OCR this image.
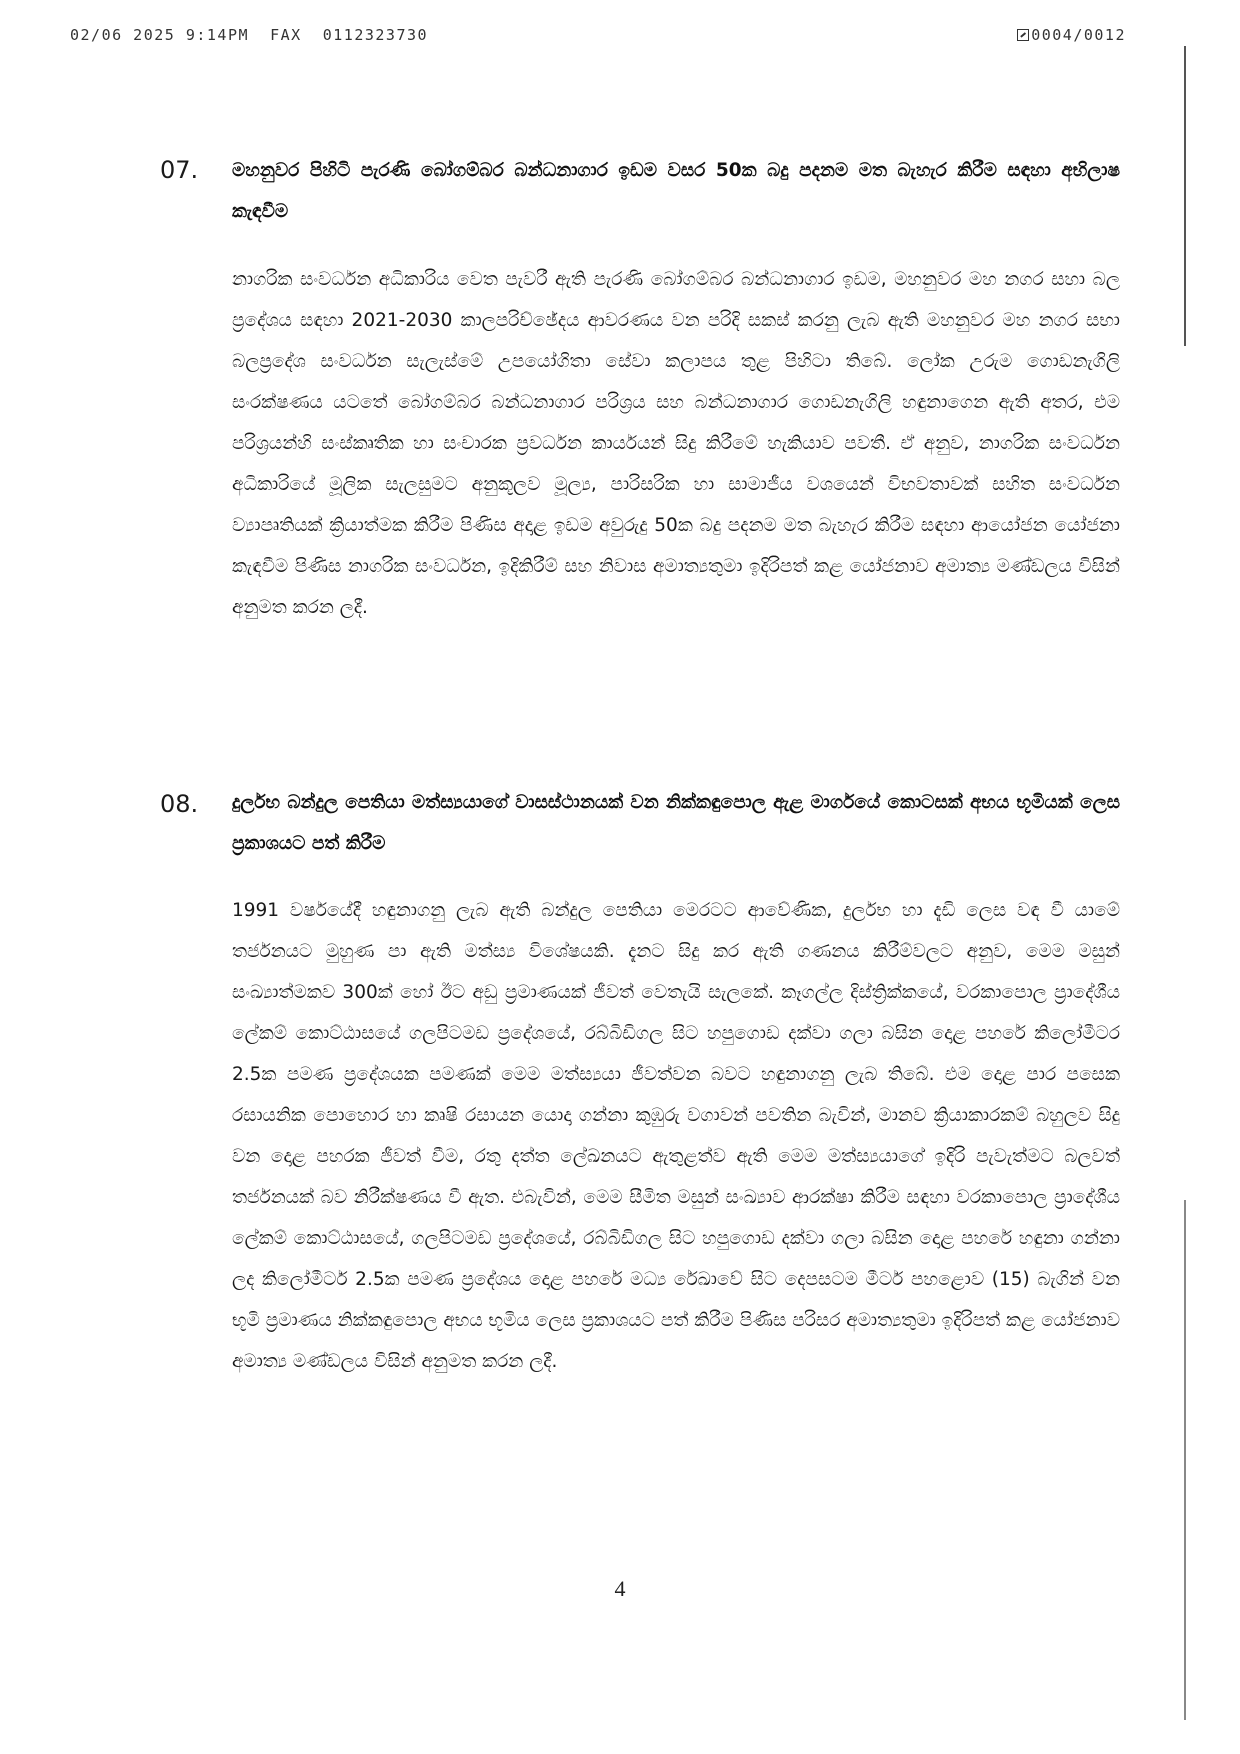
02/06 2025 9:14PM  FAX  0112323730	0004/0012
07. මහනුවර පිහිටි පැරණි බෝගම්බර බන්ධනාගාර ඉඩම වසර 50ක බදු පදනම මත බැහැර කිරීම සඳහා අභිලාෂ කැඳවීම
නාගරික සංවර්ධන අධිකාරිය වෙත පැවරී ඇති පැරණි බෝගම්බර බන්ධනාගාර ඉඩම, මහනුවර මහ නගර සහා බල ප්‍රදේශය සඳහා 2021-2030 කාලපරිච්ඡේදය ආවරණය වන පරිදි සකස් කරනු ලැබ ඇති මහනුවර මහ නගර සභා බලප්‍රදේශ සංවර්ධන සැලැස්මේ උපයෝගිතා සේවා කලාපය තුළ පිහිටා තිබේ. ලෝක උරුම ගොඩනැගිලි සංරක්ෂණය යටතේ බෝගම්බර බන්ධනාගාර පරිශ්‍රය සහ බන්ධනාගාර ගොඩනැගිලි හඳුනාගෙන ඇති අතර, එම පරිශ්‍රයන්හි සංස්කෘතික හා සංචාරක ප්‍රවර්ධන කාර්යයන් සිදු කිරීමේ හැකියාව පවතී. ඒ අනුව, නාගරික සංවර්ධන අධිකාරියේ මූලික සැලසුමට අනුකූලව මූල්‍ය, පාරිසරික හා සාමාජීය වශයෙන් විභවතාවක් සහිත සංවර්ධන ව්‍යාපෘතියක් ක්‍රියාත්මක කිරීම පිණිස අදාළ ඉඩම අවුරුදු 50ක බදු පදනම මත බැහැර කිරීම සඳහා ආයෝජන යෝජනා කැඳවීම පිණිස නාගරික සංවර්ධන, ඉදිකිරීම් සහ නිවාස අමාත්‍යතුමා ඉදිරිපත් කළ යෝජනාව අමාත්‍ය මණ්ඩලය විසින් අනුමත කරන ලදී.
08. දුර්ලභ බන්දුල පෙතියා මත්ස්‍යයාගේ වාසස්ථානයක් වන නික්කඳුපොල ඇළ මාර්ගයේ කොටසක් අභය භූමියක් ලෙස ප්‍රකාශයට පත් කිරීම
1991 වර්ෂයේදී හඳුනාගනු ලැබ ඇති බන්දුල පෙතියා මෙරටට ආවේණික, දුර්ලභ හා දැඩි ලෙස වඳ වී යාමේ තර්ජනයට මුහුණ පා ඇති මත්ස්‍ය විශේෂයකි. දැනට සිදු කර ඇති ගණනය කිරීම්වලට අනුව, මෙම මසුන් සංඛ්‍යාත්මකව 300ක් හෝ ඊට අඩු ප්‍රමාණයක් ජීවත් වෙතැයි සැලකේ. කෑගල්ල දිස්ත්‍රික්කයේ, වරකාපොල ප්‍රාදේශීය ලේකම් කොට්ඨාසයේ ගලපිටමඩ ප්‍රදේශයේ, රබ්බිඩිගල සිට හපුගොඩ දක්වා ගලා බසින දොළ පහරේ කිලෝමීටර 2.5ක පමණ ප්‍රදේශයක පමණක් මෙම මත්ස්‍යයා ජීවත්වන බවට හඳුනාගනු ලැබ තිබේ. එම දොළ පාර පසෙක රසායනික පොහොර හා කෘෂි රසායන යොදා ගන්නා කුඹුරු වගාවන් පවතින බැවින්, මානව ක්‍රියාකාරකම් බහුලව සිදු වන දොළ පහරක ජීවත් වීම, රතු දත්ත ලේඛනයට ඇතුළත්ව ඇති මෙම මත්ස්‍යයාගේ ඉදිරි පැවැත්මට බලවත් තර්ජනයක් බව නිරීක්ෂණය වී ඇත. එබැවින්, මෙම සීමිත මසුන් සංඛ්‍යාව ආරක්ෂා කිරීම සඳහා වරකාපොල ප්‍රාදේශීය ලේකම් කොට්ඨාසයේ, ගලපිටමඩ ප්‍රදේශයේ, රබ්බිඩිගල සිට හපුගොඩ දක්වා ගලා බසින දොළ පහරේ හඳුනා ගන්නා ලද කිලෝමීටර් 2.5ක පමණ ප්‍රදේශය දොළ පහරේ මධ්‍ය රේඛාවේ සිට දෙපසටම මීටර් පහළොව (15) බැගින් වන භූමි ප්‍රමාණය නික්කඳුපොල අභය භූමිය ලෙස ප්‍රකාශයට පත් කිරීම පිණිස පරිසර අමාත්‍යතුමා ඉදිරිපත් කළ යෝජනාව අමාත්‍ය මණ්ඩලය විසින් අනුමත කරන ලදී.
4
